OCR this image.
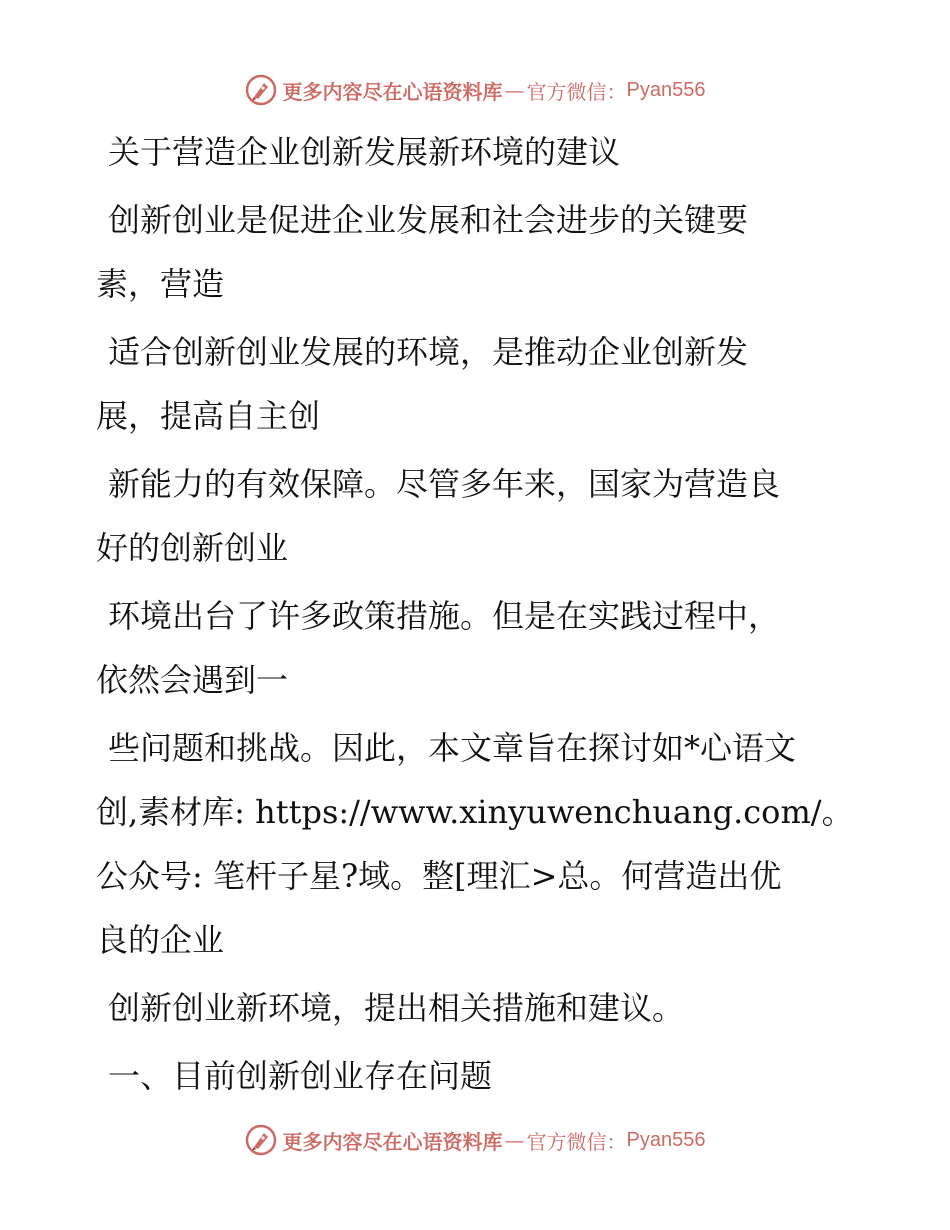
更多内容尽在心语资料库 — 官方微信： Pyan556
关于营造企业创新发展新环境的建议
创新创业是促进企业发展和社会进步的关键要
素，营造
适合创新创业发展的环境，是推动企业创新发
展，提高自主创
新能力的有效保障。尽管多年来，国家为营造良
好的创新创业
环境出台了许多政策措施。但是在实践过程中，
依然会遇到一
些问题和挑战。因此，本文章旨在探讨如*心语文
创,素材库: https://www.xinyuwenchuang.com/。
公众号: 笔杆子星?域。整[理汇>总。何营造出优
良的企业
创新创业新环境，提出相关措施和建议。
一、目前创新创业存在问题
更多内容尽在心语资料库 — 官方微信： Pyan556
